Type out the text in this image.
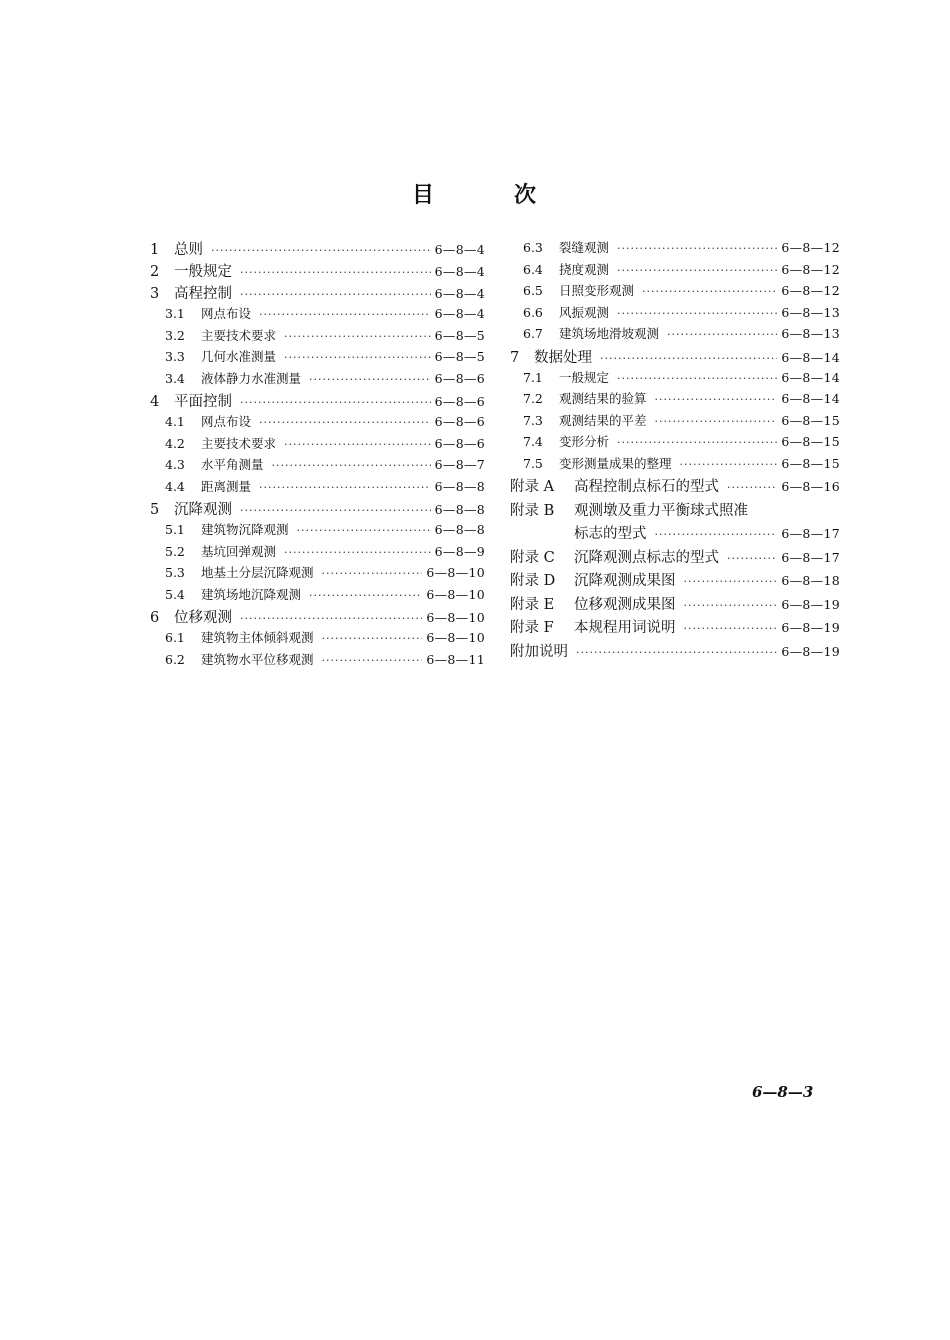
目	次
1	总则 ·····	6—8—4
2	一般规定 ·····	6—8—4
3	高程控制 ·····	6—8—4
3.1	网点布设 ·····	6—8—4
3.2	主要技术要求 ·····	6—8—5
3.3	几何水准测量 ·····	6—8—5
3.4	液体静力水准测量 ·····	6—8—6
4	平面控制 ·····	6—8—6
4.1	网点布设 ·····	6—8—6
4.2	主要技术要求 ·····	6—8—6
4.3	水平角测量 ·····	6—8—7
4.4	距离测量 ·····	6—8—8
5	沉降观测 ·····	6—8—8
5.1	建筑物沉降观测 ·····	6—8—8
5.2	基坑回弹观测 ·····	6—8—9
5.3	地基土分层沉降观测 ·····	6—8—10
5.4	建筑场地沉降观测 ·····	6—8—10
6	位移观测 ·····	6—8—10
6.1	建筑物主体倾斜观测 ·····	6—8—10
6.2	建筑物水平位移观测 ·····	6—8—11
6.3	裂缝观测 ·····	6—8—12
6.4	挠度观测 ·····	6—8—12
6.5	日照变形观测 ·····	6—8—12
6.6	风振观测 ·····	6—8—13
6.7	建筑场地滑坡观测 ·····	6—8—13
7	数据处理 ·····	6—8—14
7.1	一般规定 ·····	6—8—14
7.2	观测结果的验算 ·····	6—8—14
7.3	观测结果的平差 ·····	6—8—15
7.4	变形分析 ·····	6—8—15
7.5	变形测量成果的整理 ·····	6—8—15
附录 A	高程控制点标石的型式 ·····	6—8—16
附录 B	观测墩及重力平衡球式照准
标志的型式 ·····	6—8—17
附录 C	沉降观测点标志的型式 ·····	6—8—17
附录 D	沉降观测成果图 ·····	6—8—18
附录 E	位移观测成果图 ·····	6—8—19
附录 F	本规程用词说明 ·····	6—8—19
附加说明 ·····	6—8—19
6—8—3
